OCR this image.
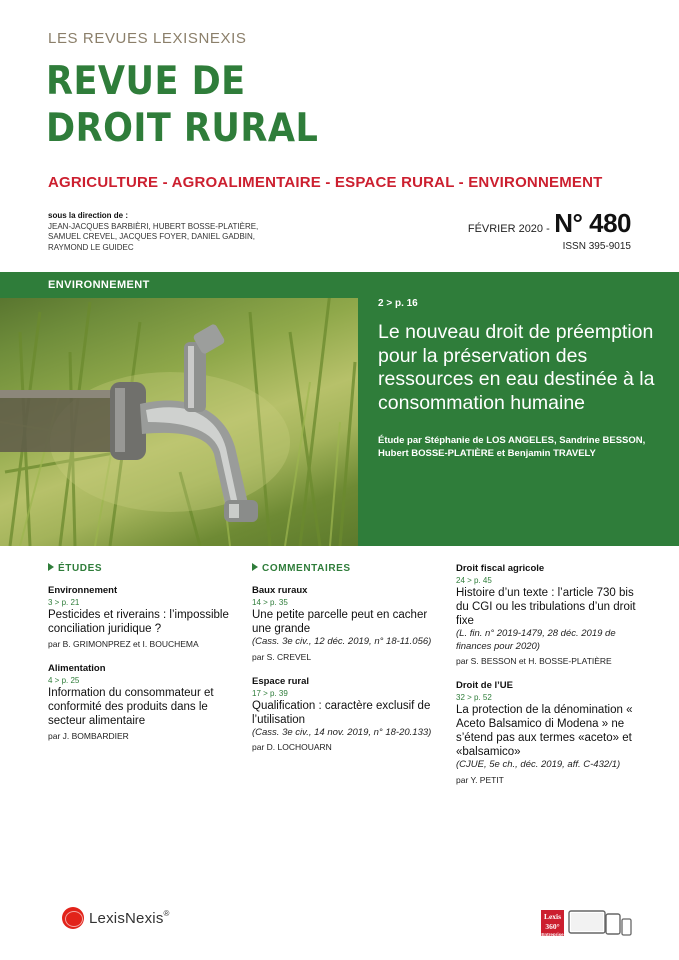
LES REVUES LEXISNEXIS
REVUE DE
DROIT RURAL
AGRICULTURE - AGROALIMENTAIRE - ESPACE RURAL - ENVIRONNEMENT
sous la direction de :
JEAN-JACQUES BARBIÈRI, HUBERT BOSSE-PLATIÈRE, SAMUEL CREVEL, JACQUES FOYER, DANIEL GADBIN, RAYMOND LE GUIDEC
FÉVRIER 2020 - N° 480
ISSN 395-9015
ENVIRONNEMENT
2 > p. 16
Le nouveau droit de préemption pour la préservation des ressources en eau destinée à la consommation humaine
Étude par Stéphanie de LOS ANGELES, Sandrine BESSON,
Hubert BOSSE-PLATIÈRE et Benjamin TRAVELY
ÉTUDES
Environnement
3 > p. 21
Pesticides et riverains : l’impossible conciliation juridique ?
par B. GRIMONPREZ et I. BOUCHEMA
Alimentation
4 > p. 25
Information du consommateur et conformité des produits dans le secteur alimentaire
par J. BOMBARDIER
COMMENTAIRES
Baux ruraux
14 > p. 35
Une petite parcelle peut en cacher une grande
(Cass. 3e civ., 12 déc. 2019, n° 18-11.056)
par S. CREVEL
Espace rural
17 > p. 39
Qualification : caractère exclusif de l’utilisation
(Cass. 3e civ., 14 nov. 2019, n° 18-20.133)
par D. LOCHOUARN
Droit fiscal agricole
24 > p. 45
Histoire d’un texte : l’article 730 bis du CGI ou les tribulations d’un droit fixe
(L. fin. n° 2019-1479, 28 déc. 2019 de finances pour 2020)
par S. BESSON et H. BOSSE-PLATIÈRE
Droit de l’UE
32 > p. 52
La protection de la dénomination « Aceto Balsamico di Modena » ne s’étend pas aux termes «aceto» et «balsamico»
(CJUE, 5e ch., déc. 2019, aff. C-432/1)
par Y. PETIT
LexisNexis ®	Lexis
360°
Entreprise
